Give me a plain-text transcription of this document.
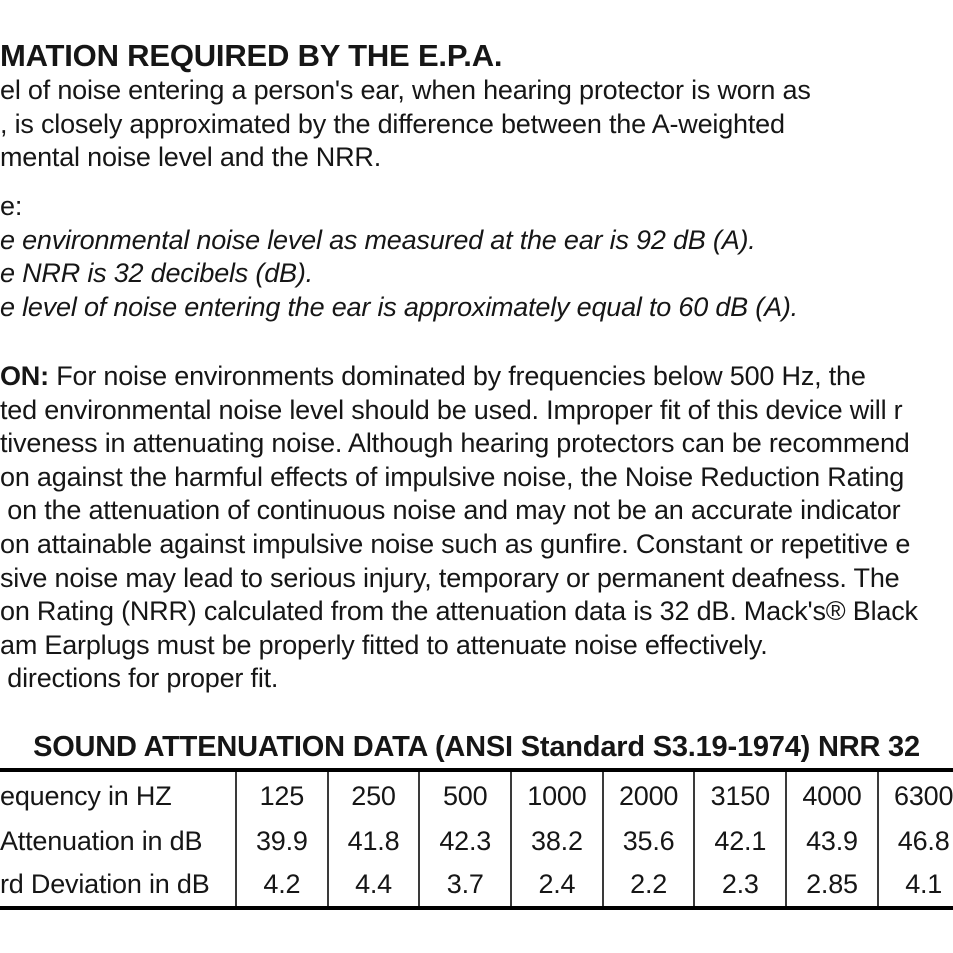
MATION REQUIRED BY THE E.P.A.
el of noise entering a person's ear, when hearing protector is worn as
, is closely approximated by the difference between the A-weighted
mental noise level and the NRR.
e:
e environmental noise level as measured at the ear is 92 dB (A).
e NRR is 32 decibels (dB).
e level of noise entering the ear is approximately equal to 60 dB (A).
ON: For noise environments dominated by frequencies below 500 Hz, the
ted environmental noise level should be used. Improper fit of this device will r
tiveness in attenuating noise. Although hearing protectors can be recommend
on against the harmful effects of impulsive noise, the Noise Reduction Rating
on the attenuation of continuous noise and may not be an accurate indicator
on attainable against impulsive noise such as gunfire. Constant or repetitive e
sive noise may lead to serious injury, temporary or permanent deafness. The
on Rating (NRR) calculated from the attenuation data is 32 dB. Mack's® Black
am Earplugs must be properly fitted to attenuate noise effectively.
directions for proper fit.
SOUND ATTENUATION DATA (ANSI Standard S3.19-1974) NRR 32
equency in HZ	125	250	500	1000	2000	3150	4000	6300
Attenuation in dB	39.9	41.8	42.3	38.2	35.6	42.1	43.9	46.8
rd Deviation in dB	4.2	4.4	3.7	2.4	2.2	2.3	2.85	4.1
